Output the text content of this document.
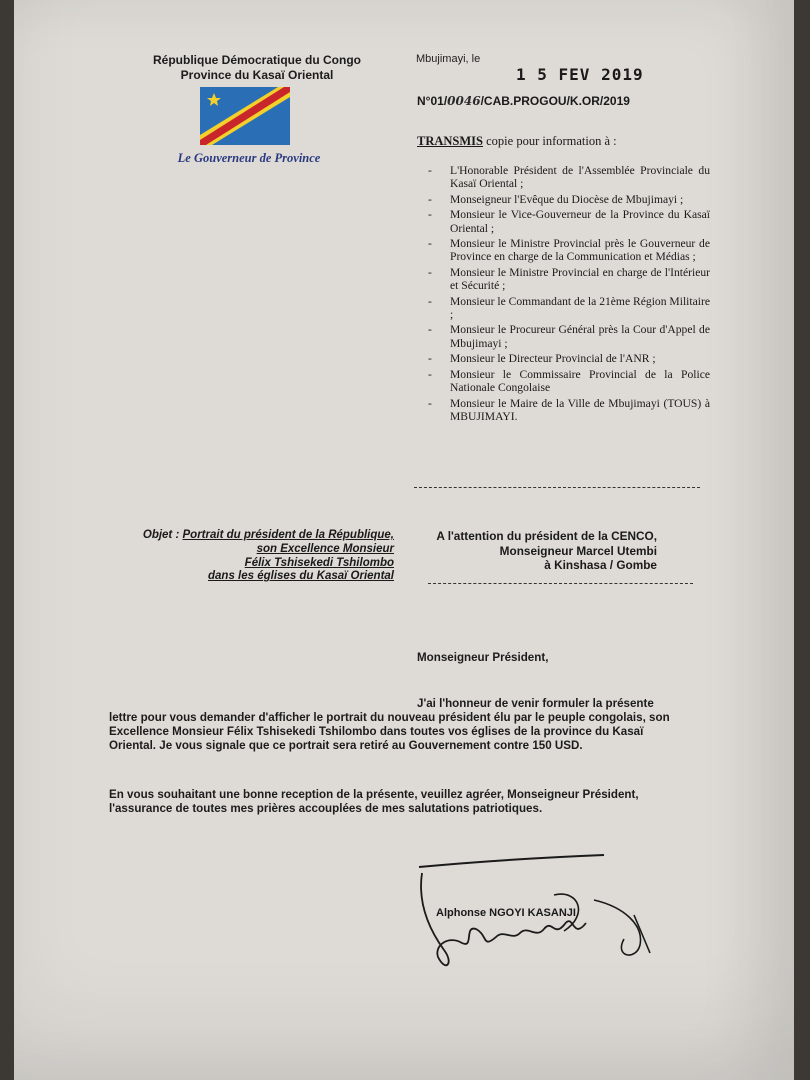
République Démocratique du Congo
Province du Kasaï Oriental
Le Gouverneur de Province
Mbujimayi, le
1 5 FEV 2019
N°01/0046/CAB.PROGOU/K.OR/2019
TRANSMIS copie pour information à :
- L'Honorable Président de l'Assemblée Provinciale du Kasaï Oriental ;
- Monseigneur l'Evêque du Diocèse de Mbujimayi ;
- Monsieur le Vice-Gouverneur de la Province du Kasaï Oriental ;
- Monsieur le Ministre Provincial près le Gouverneur de Province en charge de la Communication et Médias ;
- Monsieur le Ministre Provincial en charge de l'Intérieur et Sécurité ;
- Monsieur le Commandant de la 21ème Région Militaire ;
- Monsieur le Procureur Général près la Cour d'Appel de Mbujimayi ;
- Monsieur le Directeur Provincial de l'ANR ;
- Monsieur le Commissaire Provincial de la Police Nationale Congolaise
- Monsieur le Maire de la Ville de Mbujimayi (TOUS) à MBUJIMAYI.
Objet : Portrait du président de la République,
son Excellence Monsieur
Félix Tshisekedi Tshilombo
dans les églises du Kasaï Oriental
A l'attention du président de la CENCO,
Monseigneur Marcel Utembi
à Kinshasa / Gombe
Monseigneur Président,
J'ai l'honneur de venir formuler la présente
lettre pour vous demander d'afficher le portrait du nouveau président élu par le peuple congolais, son Excellence Monsieur Félix Tshisekedi Tshilombo dans toutes vos églises de la province du Kasaï Oriental. Je vous signale que ce portrait sera retiré au Gouvernement contre 150 USD.
En vous souhaitant une bonne reception de la présente, veuillez agréer, Monseigneur Président, l'assurance de toutes mes prières accouplées de mes salutations patriotiques.
Alphonse NGOYI KASANJI
